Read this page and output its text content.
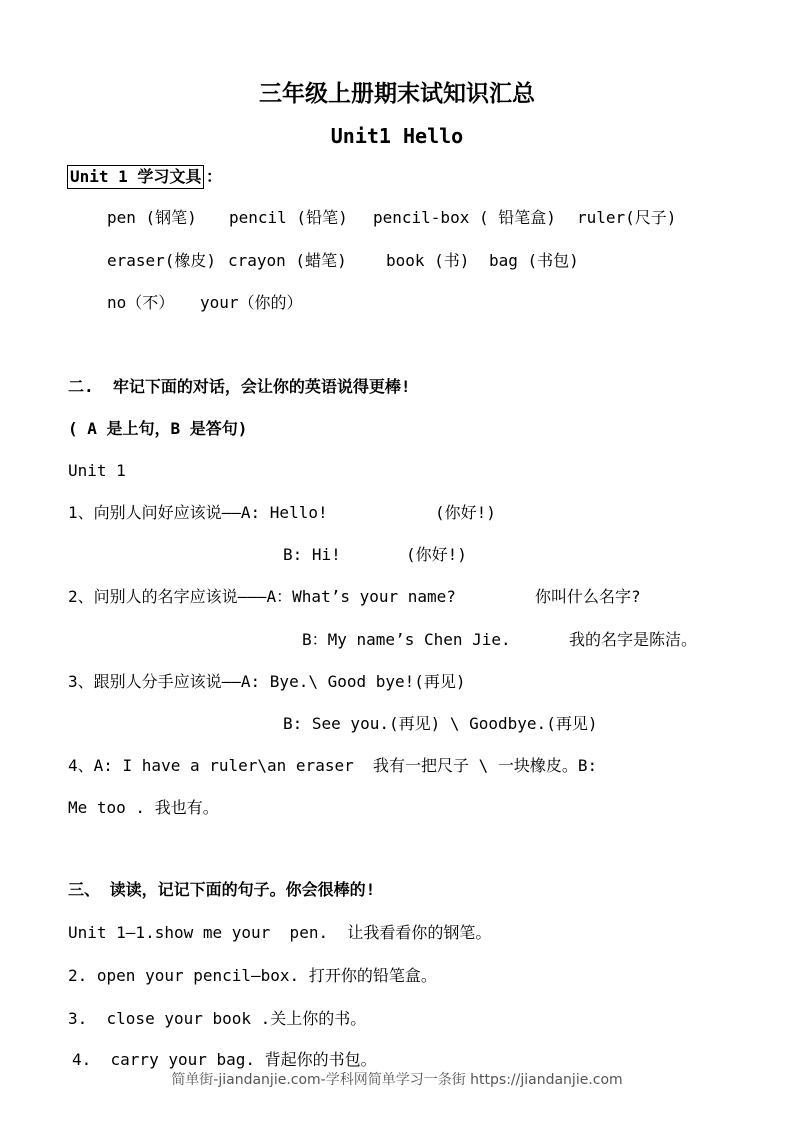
三年级上册期末试知识汇总
Unit1 Hello
Unit 1 学习文具 ：
pen (钢笔) pencil (铅笔) pencil-box ( 铅笔盒) ruler(尺子)
eraser(橡皮) crayon (蜡笔) book (书) bag (书包)
no（不） your（你的）
二.  牢记下面的对话，会让你的英语说得更棒!
( A 是上句，B 是答句)
Unit 1
1、向别人问好应该说——A: Hello!	(你好!)
B: Hi!	(你好!)
2、问别人的名字应该说———A：What’s your name?	你叫什么名字?
B：My name’s Chen Jie.	我的名字是陈洁。
3、跟别人分手应该说——A: Bye.\ Good bye!(再见)
B: See you.(再见) \ Goodbye.(再见)
4、A: I have a ruler\an eraser  我有一把尺子 \ 一块橡皮。B:
Me too . 我也有。
三、 读读，记记下面的句子。你会很棒的!
Unit 1—1.show me your  pen.  让我看看你的钢笔。
2. open your pencil—box. 打开你的铅笔盒。
3.  close your book .关上你的书。
4.  carry your bag. 背起你的书包。
简单街-jiandanjie.com-学科网简单学习一条街 https://jiandanjie.com
